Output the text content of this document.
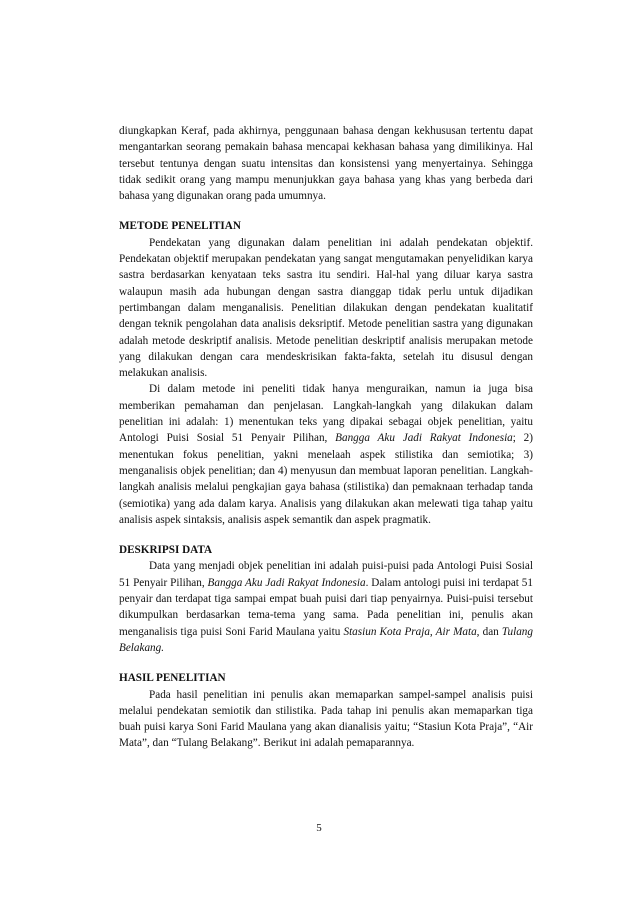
diungkapkan Keraf, pada akhirnya, penggunaan bahasa dengan kekhususan tertentu dapat mengantarkan seorang pemakain bahasa mencapai kekhasan bahasa yang dimilikinya. Hal tersebut tentunya dengan suatu intensitas dan konsistensi yang menyertainya. Sehingga tidak sedikit orang yang mampu menunjukkan gaya bahasa yang khas yang berbeda dari bahasa yang digunakan orang pada umumnya.

METODE PENELITIAN

Pendekatan yang digunakan dalam penelitian ini adalah pendekatan objektif. Pendekatan objektif merupakan pendekatan yang sangat mengutamakan penyelidikan karya sastra berdasarkan kenyataan teks sastra itu sendiri. Hal-hal yang diluar karya sastra walaupun masih ada hubungan dengan sastra dianggap tidak perlu untuk dijadikan pertimbangan dalam menganalisis. Penelitian dilakukan dengan pendekatan kualitatif dengan teknik pengolahan data analisis deksriptif. Metode penelitian sastra yang digunakan adalah metode deskriptif analisis. Metode penelitian deskriptif analisis merupakan metode yang dilakukan dengan cara mendeskrisikan fakta-fakta, setelah itu disusul dengan melakukan analisis.

Di dalam metode ini peneliti tidak hanya menguraikan, namun ia juga bisa memberikan pemahaman dan penjelasan. Langkah-langkah yang dilakukan dalam penelitian ini adalah: 1) menentukan teks yang dipakai sebagai objek penelitian, yaitu Antologi Puisi Sosial 51 Penyair Pilihan, Bangga Aku Jadi Rakyat Indonesia; 2) menentukan fokus penelitian, yakni menelaah aspek stilistika dan semiotika; 3) menganalisis objek penelitian; dan 4) menyusun dan membuat laporan penelitian. Langkah-langkah analisis melalui pengkajian gaya bahasa (stilistika) dan pemaknaan terhadap tanda (semiotika) yang ada dalam karya. Analisis yang dilakukan akan melewati tiga tahap yaitu analisis aspek sintaksis, analisis aspek semantik dan aspek pragmatik.

DESKRIPSI DATA

Data yang menjadi objek penelitian ini adalah puisi-puisi pada Antologi Puisi Sosial 51 Penyair Pilihan, Bangga Aku Jadi Rakyat Indonesia. Dalam antologi puisi ini terdapat 51 penyair dan terdapat tiga sampai empat buah puisi dari tiap penyairnya. Puisi-puisi tersebut dikumpulkan berdasarkan tema-tema yang sama. Pada penelitian ini, penulis akan menganalisis tiga puisi Soni Farid Maulana yaitu Stasiun Kota Praja, Air Mata, dan Tulang Belakang.

HASIL PENELITIAN

Pada hasil penelitian ini penulis akan memaparkan sampel-sampel analisis puisi melalui pendekatan semiotik dan stilistika. Pada tahap ini penulis akan memaparkan tiga buah puisi karya Soni Farid Maulana yang akan dianalisis yaitu; “Stasiun Kota Praja”, “Air Mata”, dan “Tulang Belakang”. Berikut ini adalah pemaparannya.

5
